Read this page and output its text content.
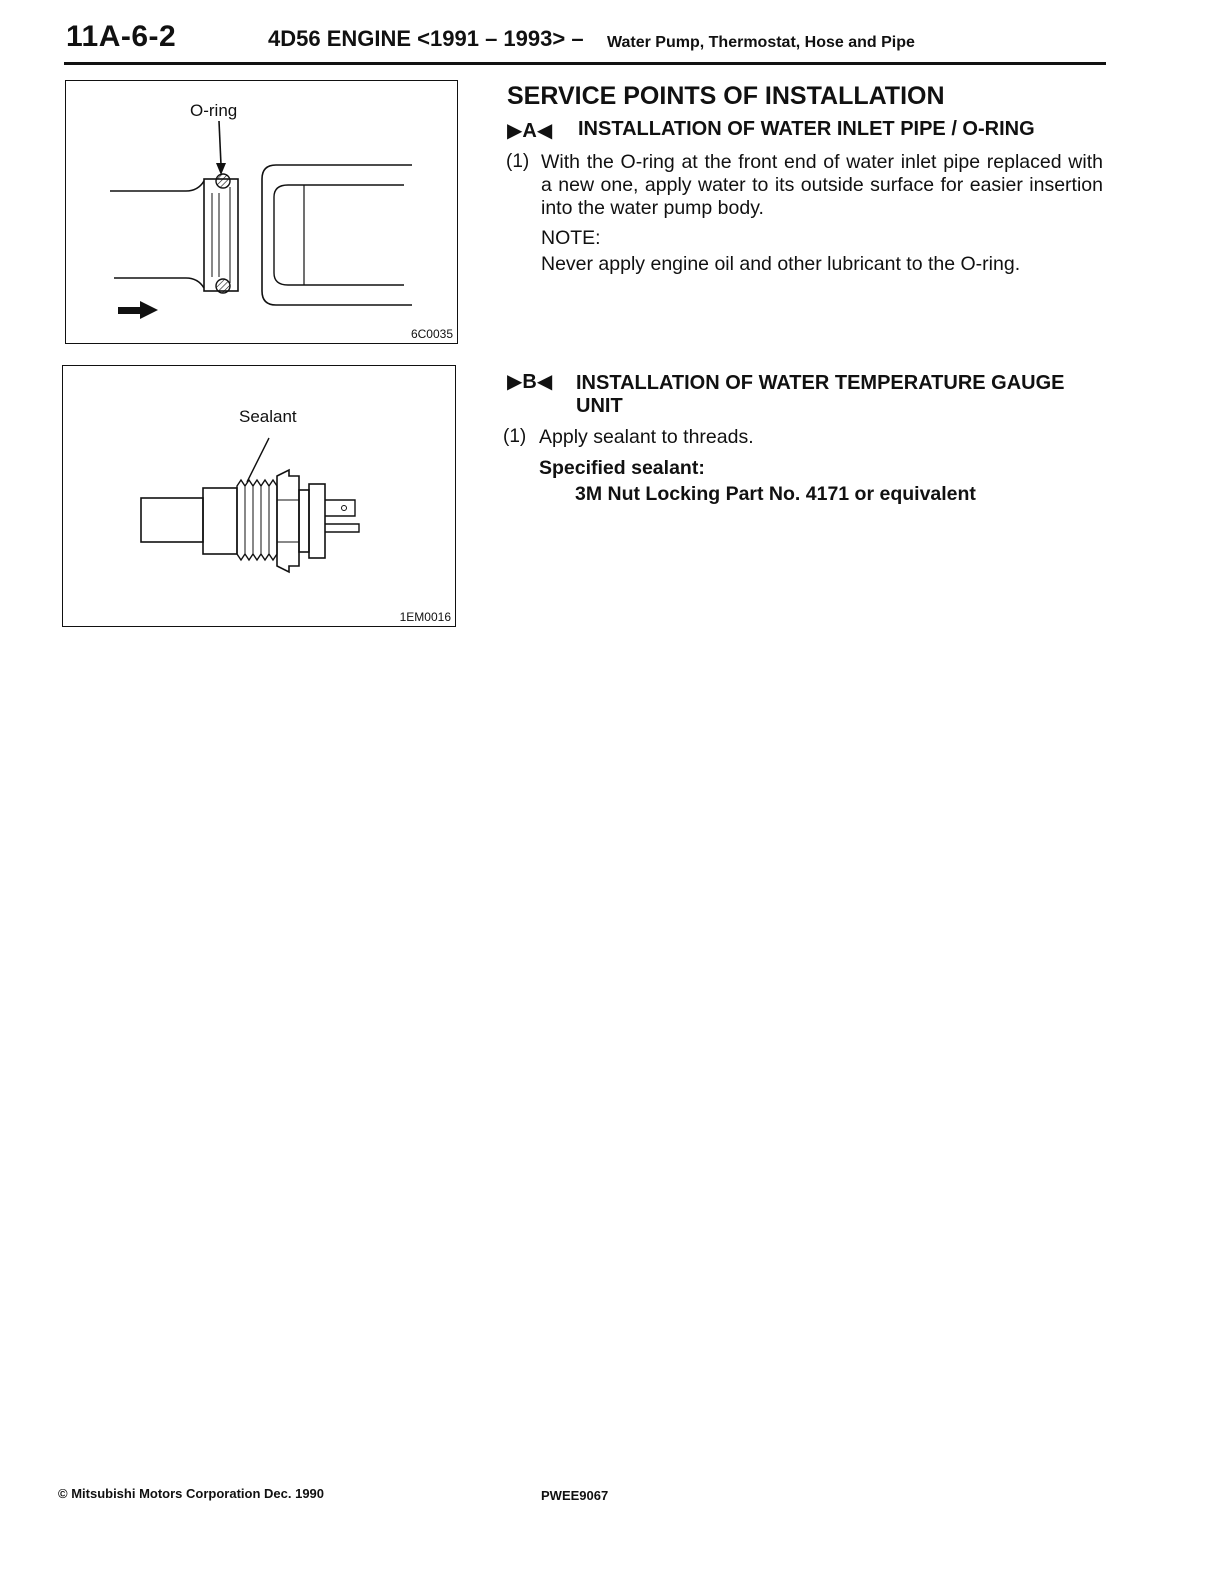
11A-6-2	4D56 ENGINE <1991 – 1993> – Water Pump, Thermostat, Hose and Pipe
O-ring
6C0035
Sealant
1EM0016
SERVICE POINTS OF INSTALLATION
▶A◀ INSTALLATION OF WATER INLET PIPE / O-RING
(1) With the O-ring at the front end of water inlet pipe replaced with a new one, apply water to its outside surface for easier insertion into the water pump body.
NOTE:
Never apply engine oil and other lubricant to the O-ring.
▶B◀ INSTALLATION OF WATER TEMPERATURE GAUGE UNIT
(1) Apply sealant to threads.
Specified sealant:
3M Nut Locking Part No. 4171 or equivalent
© Mitsubishi Motors Corporation Dec. 1990	PWEE9067
